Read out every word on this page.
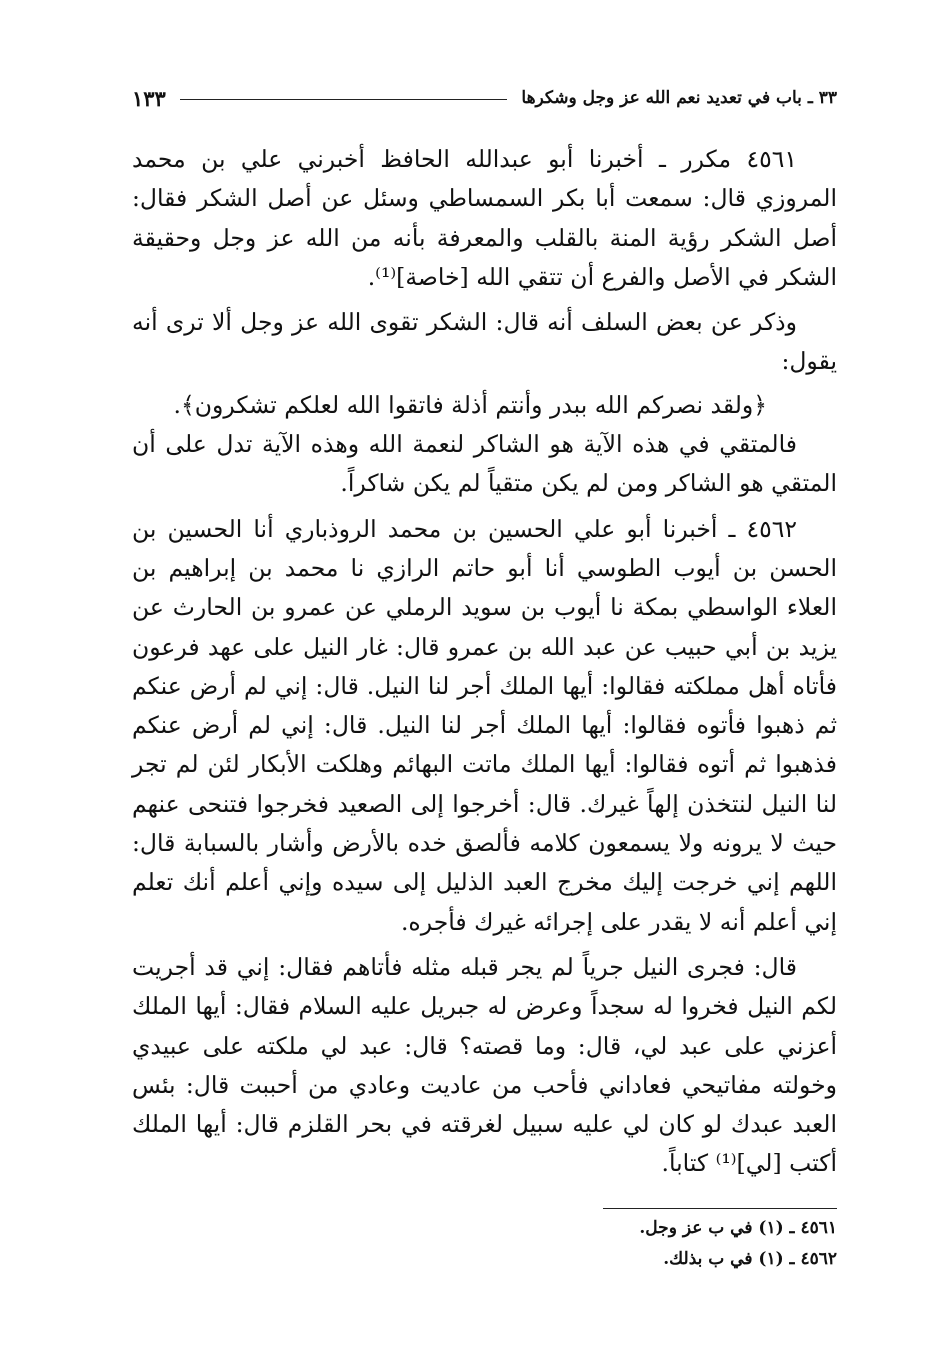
٣٣ ـ باب في تعديد نعم الله عز وجل وشكرها
١٣٣

٤٥٦١ مكرر ـ أخبرنا أبو عبدالله الحافظ أخبرني علي بن محمد المروزي قال: سمعت أبا بكر السمساطي وسئل عن أصل الشكر فقال: أصل الشكر رؤية المنة بالقلب والمعرفة بأنه من الله عز وجل وحقيقة الشكر في الأصل والفرع أن تتقي الله [خاصة]⁽¹⁾.

وذكر عن بعض السلف أنه قال: الشكر تقوى الله عز وجل ألا ترى أنه يقول:

﴿ولقد نصركم الله ببدر وأنتم أذلة فاتقوا الله لعلكم تشكرون﴾.

فالمتقي في هذه الآية هو الشاكر لنعمة الله وهذه الآية تدل على أن المتقي هو الشاكر ومن لم يكن متقياً لم يكن شاكراً.

٤٥٦٢ ـ أخبرنا أبو علي الحسين بن محمد الروذباري أنا الحسين بن الحسن بن أيوب الطوسي أنا أبو حاتم الرازي نا محمد بن إبراهيم بن العلاء الواسطي بمكة نا أيوب بن سويد الرملي عن عمرو بن الحارث عن يزيد بن أبي حبيب عن عبد الله بن عمرو قال: غار النيل على عهد فرعون فأتاه أهل مملكته فقالوا: أيها الملك أجر لنا النيل. قال: إني لم أرض عنكم ثم ذهبوا فأتوه فقالوا: أيها الملك أجر لنا النيل. قال: إني لم أرض عنكم فذهبوا ثم أتوه فقالوا: أيها الملك ماتت البهائم وهلكت الأبكار لئن لم تجر لنا النيل لنتخذن إلهاً غيرك. قال: أخرجوا إلى الصعيد فخرجوا فتنحى عنهم حيث لا يرونه ولا يسمعون كلامه فألصق خده بالأرض وأشار بالسبابة قال: اللهم إني خرجت إليك مخرج العبد الذليل إلى سيده وإني أعلم أنك تعلم إني أعلم أنه لا يقدر على إجرائه غيرك فأجره.

قال: فجرى النيل جرياً لم يجر قبله مثله فأتاهم فقال: إني قد أجريت لكم النيل فخروا له سجداً وعرض له جبريل عليه السلام فقال: أيها الملك أعزني على عبد لي، قال: وما قصته؟ قال: عبد لي ملكته على عبيدي وخولته مفاتيحي فعاداني فأحب من عاديت وعادي من أحببت قال: بئس العبد عبدك لو كان لي عليه سبيل لغرقته في بحر القلزم قال: أيها الملك أكتب [لي]⁽¹⁾ كتاباً.

٤٥٦١ ـ (١) في ب عز وجل.

٤٥٦٢ ـ (١) في ب بذلك.
